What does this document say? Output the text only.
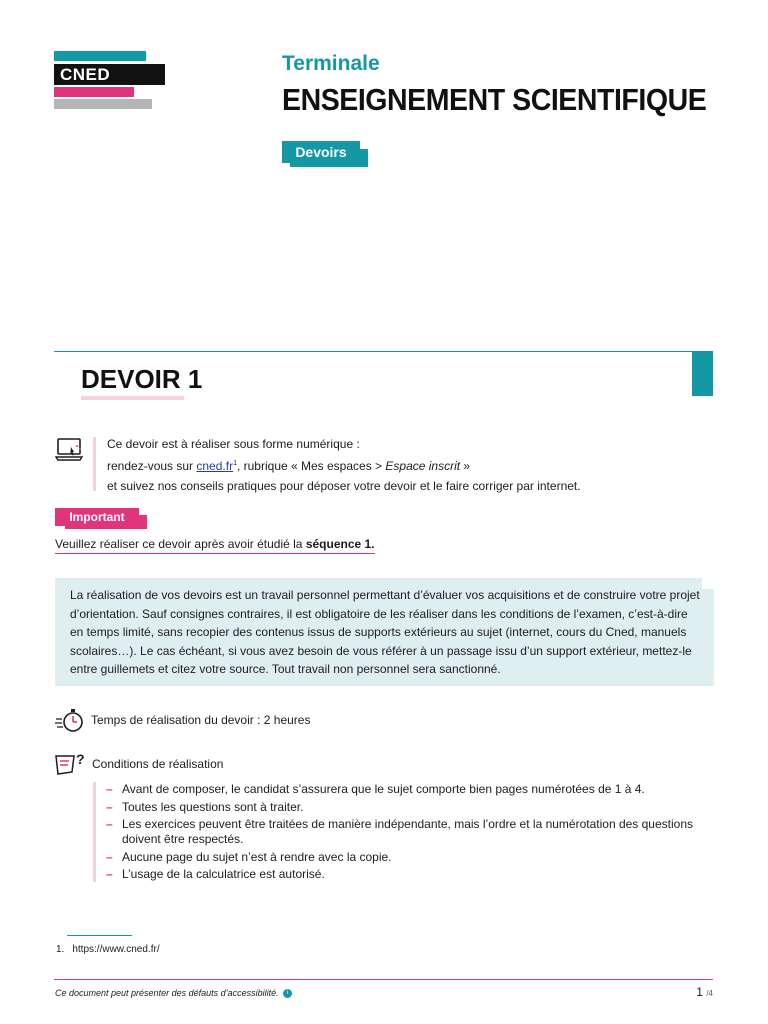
CNED	Terminale
ENSEIGNEMENT SCIENTIFIQUE
Devoirs
DEVOIR 1
Ce devoir est à réaliser sous forme numérique :
rendez-vous sur $cned.fr^1$, rubrique « Mes espaces > Espace inscrit »
et suivez nos conseils pratiques pour déposer votre devoir et le faire corriger par internet.
Important
Veuillez réaliser ce devoir après avoir étudié la séquence 1.
La réalisation de vos devoirs est un travail personnel permettant d’évaluer vos acquisitions et de construire votre projet d’orientation. Sauf consignes contraires, il est obligatoire de les réaliser dans les conditions de l’examen, c’est-à-dire en temps limité, sans recopier des contenus issus de supports extérieurs au sujet (internet, cours du Cned, manuels scolaires…). Le cas échéant, si vous avez besoin de vous référer à un passage issu d’un support extérieur, mettez-le entre guillemets et citez votre source. Tout travail non personnel sera sanctionné.
Temps de réalisation du devoir : 2 heures
? Conditions de réalisation
– Avant de composer, le candidat s’assurera que le sujet comporte bien pages numérotées de 1 à 4.
– Toutes les questions sont à traiter.
– Les exercices peuvent être traitées de manière indépendante, mais l’ordre et la numérotation des questions doivent être respectés.
– Aucune page du sujet n’est à rendre avec la copie.
– L’usage de la calculatrice est autorisé.
1. https://www.cned.fr/
Ce document peut présenter des défauts d’accessibilité. i	1 /4
